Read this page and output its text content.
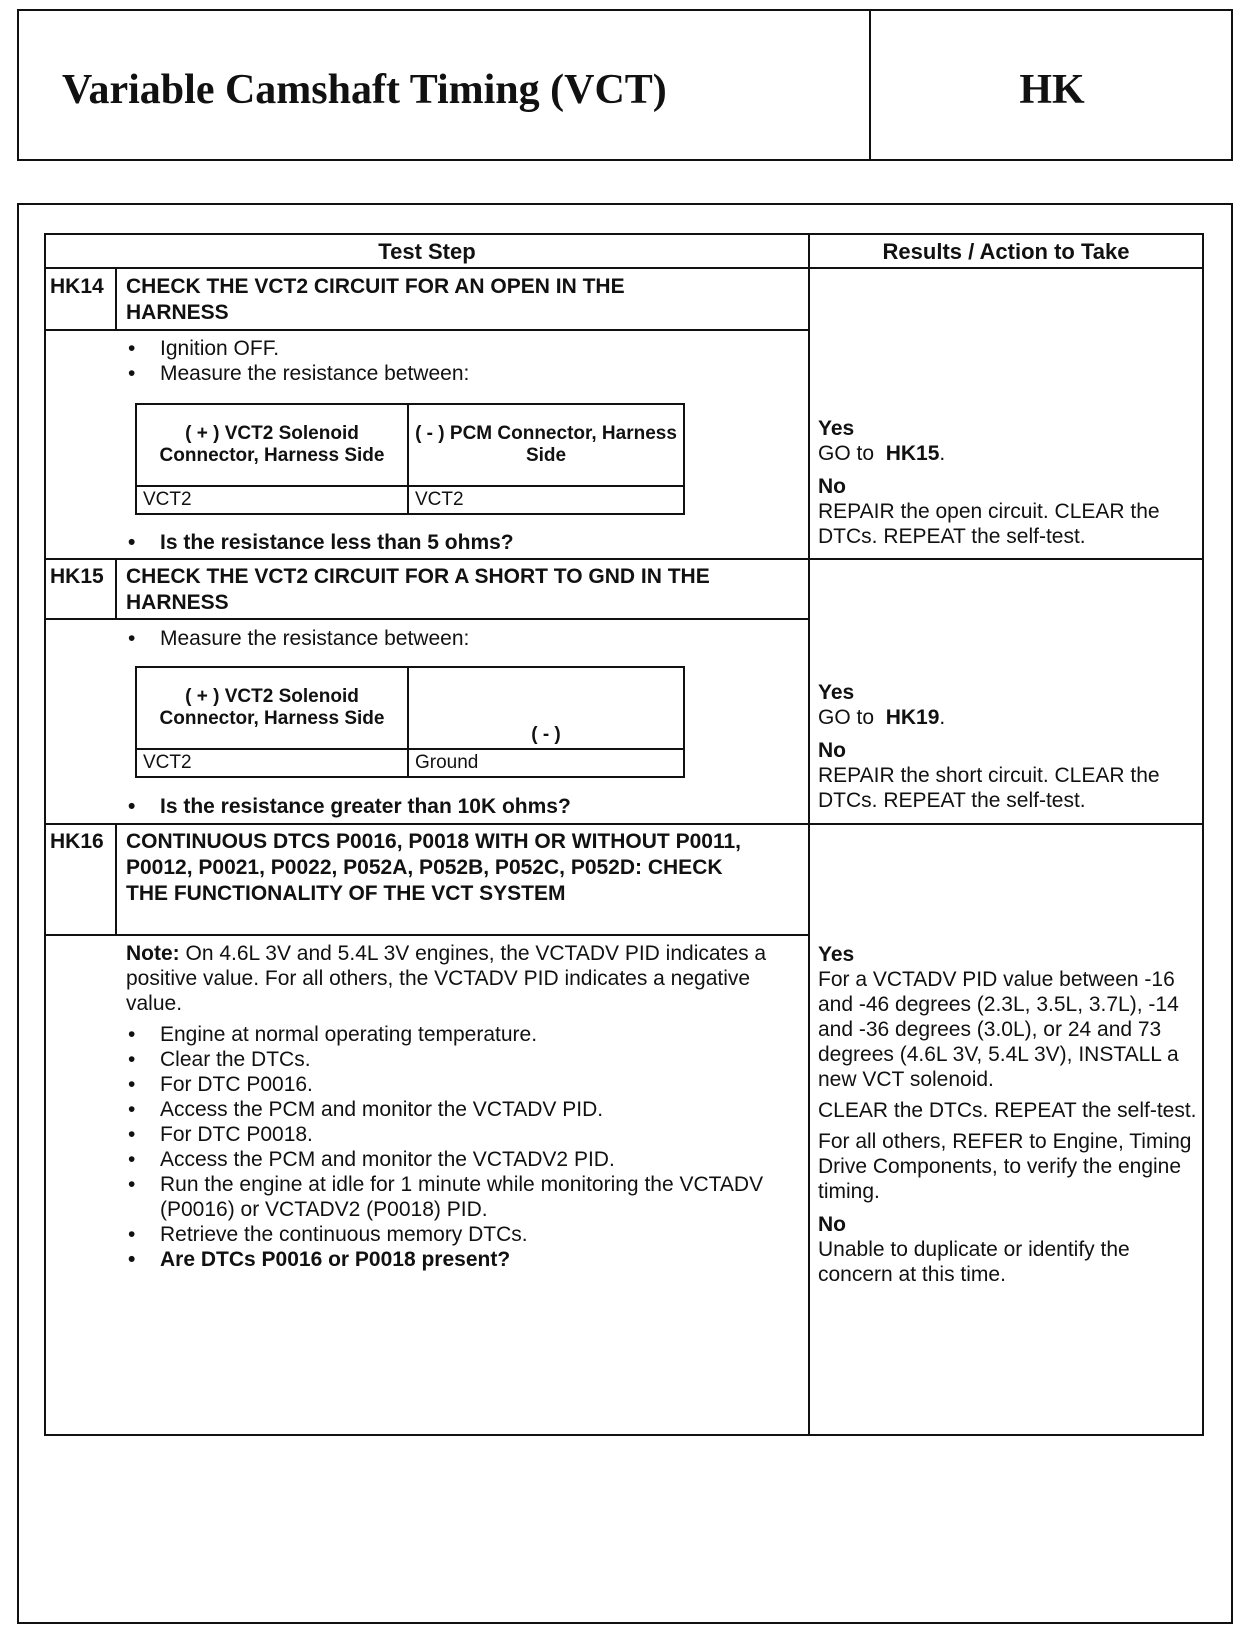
Variable Camshaft Timing (VCT)	HK
Test Step	Results / Action to Take
HK14 CHECK THE VCT2 CIRCUIT FOR AN OPEN IN THE HARNESS
• Ignition OFF.
• Measure the resistance between:
( + ) VCT2 Solenoid Connector, Harness Side	( - ) PCM Connector, Harness Side
VCT2	VCT2
• Is the resistance less than 5 ohms?

Yes

GO to HK15.

No

REPAIR the open circuit. CLEAR the DTCs. REPEAT the self-test.

HK15 CHECK THE VCT2 CIRCUIT FOR A SHORT TO GND IN THE HARNESS
• Measure the resistance between:
( + ) VCT2 Solenoid Connector, Harness Side	( - )
VCT2	Ground
• Is the resistance greater than 10K ohms?

Yes

GO to HK19.

No

REPAIR the short circuit. CLEAR the DTCs. REPEAT the self-test.

HK16 CONTINUOUS DTCS P0016, P0018 WITH OR WITHOUT P0011, P0012, P0021, P0022, P052A, P052B, P052C, P052D: CHECK THE FUNCTIONALITY OF THE VCT SYSTEM
Note: On 4.6L 3V and 5.4L 3V engines, the VCTADV PID indicates a positive value. For all others, the VCTADV PID indicates a negative value.
• Engine at normal operating temperature.
• Clear the DTCs.
• For DTC P0016.
• Access the PCM and monitor the VCTADV PID.
• For DTC P0018.
• Access the PCM and monitor the VCTADV2 PID.
• Run the engine at idle for 1 minute while monitoring the VCTADV (P0016) or VCTADV2 (P0018) PID.
• Retrieve the continuous memory DTCs.
• Are DTCs P0016 or P0018 present?

Yes

For a VCTADV PID value between -16 and -46 degrees (2.3L, 3.5L, 3.7L), -14 and -36 degrees (3.0L), or 24 and 73 degrees (4.6L 3V, 5.4L 3V), INSTALL a new VCT solenoid.

CLEAR the DTCs. REPEAT the self-test.

For all others, REFER to Engine, Timing Drive Components, to verify the engine timing.

No

Unable to duplicate or identify the concern at this time.
